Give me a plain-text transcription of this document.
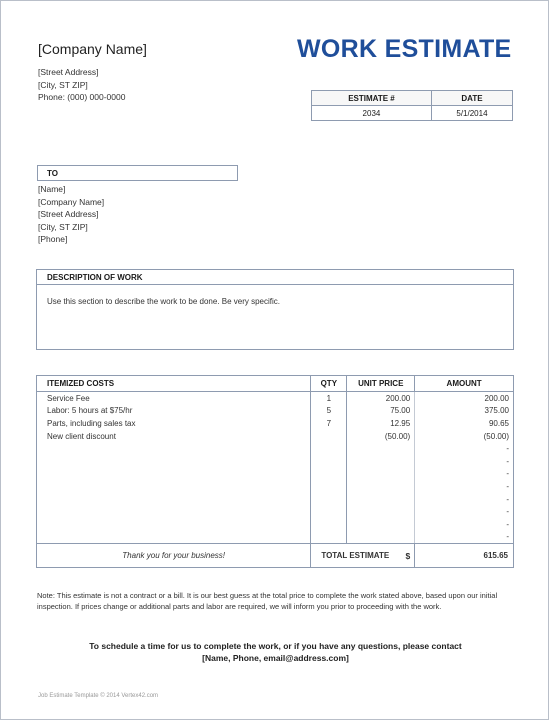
[Company Name]
[Street Address]
[City, ST ZIP]
Phone: (000) 000-0000
WORK ESTIMATE
ESTIMATE #	DATE
2034	5/1/2014
TO
[Name]
[Company Name]
[Street Address]
[City, ST ZIP]
[Phone]
DESCRIPTION OF WORK
Use this section to describe the work to be done. Be very specific.
ITEMIZED COSTS	QTY	UNIT PRICE	AMOUNT
Service Fee	1	200.00	200.00
Labor: 5 hours at $75/hr	5	75.00	375.00
Parts, including sales tax	7	12.95	90.65
New client discount		(50.00)	(50.00)
			-
			-
			-
			-
			-
			-
			-
			-
Thank you for your business!	TOTAL ESTIMATE $		615.65
Note: This estimate is not a contract or a bill. It is our best guess at the total price to complete the work stated above, based upon our initial inspection. If prices change or additional parts and labor are required, we will inform you prior to proceeding with the work.
To schedule a time for us to complete the work, or if you have any questions, please contact
[Name, Phone, email@address.com]
Job Estimate Template © 2014 Vertex42.com
